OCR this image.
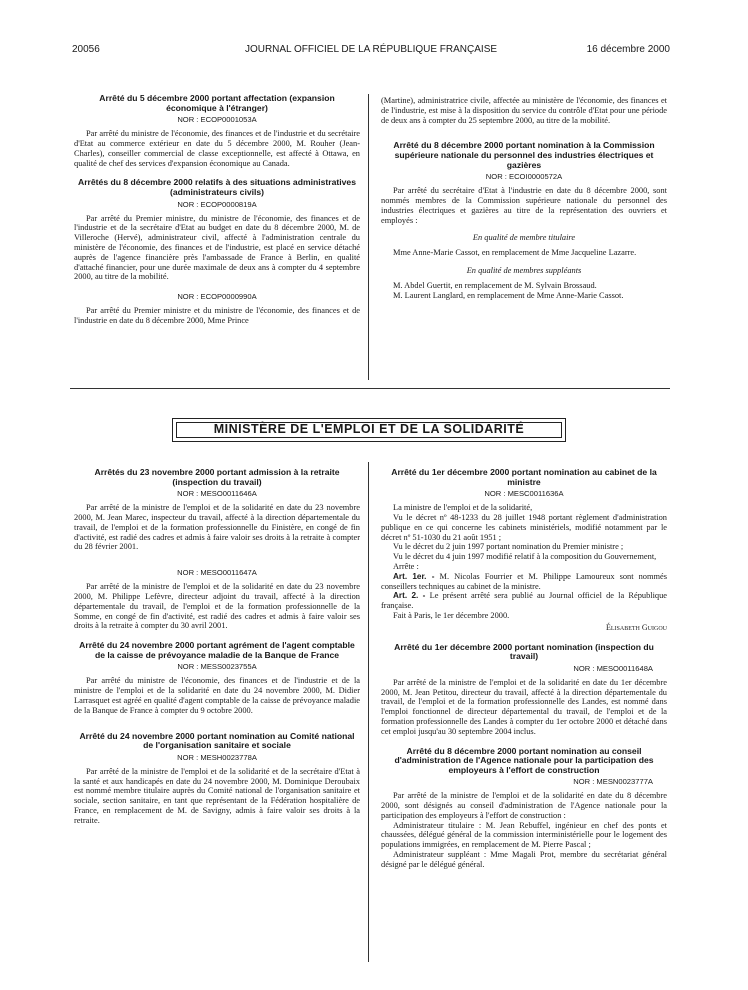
20056	JOURNAL OFFICIEL DE LA RÉPUBLIQUE FRANÇAISE	16 décembre 2000
Arrêté du 5 décembre 2000 portant affectation (expansion économique à l'étranger)
NOR : ECOP0001053A
Par arrêté du ministre de l'économie, des finances et de l'industrie et du secrétaire d'Etat au commerce extérieur en date du 5 décembre 2000, M. Rouher (Jean-Charles), conseiller commercial de classe exceptionnelle, est affecté à Ottawa, en qualité de chef des services d'expansion économique au Canada.
Arrêtés du 8 décembre 2000 relatifs à des situations administratives (administrateurs civils)
NOR : ECOP0000819A
Par arrêté du Premier ministre, du ministre de l'économie, des finances et de l'industrie et de la secrétaire d'Etat au budget en date du 8 décembre 2000, M. de Villeroche (Hervé), administrateur civil, affecté à l'administration centrale du ministère de l'économie, des finances et de l'industrie, est placé en service détaché auprès de l'agence financière près l'ambassade de France à Berlin, en qualité d'attaché financier, pour une durée maximale de deux ans à compter du 4 septembre 2000, au titre de la mobilité.
NOR : ECOP0000990A
Par arrêté du Premier ministre et du ministre de l'économie, des finances et de l'industrie en date du 8 décembre 2000, Mme Prince
(Martine), administratrice civile, affectée au ministère de l'économie, des finances et de l'industrie, est mise à la disposition du service du contrôle d'Etat pour une période de deux ans à compter du 25 septembre 2000, au titre de la mobilité.
Arrêté du 8 décembre 2000 portant nomination à la Commission supérieure nationale du personnel des industries électriques et gazières
NOR : ECOI0000572A
Par arrêté du secrétaire d'Etat à l'industrie en date du 8 décembre 2000, sont nommés membres de la Commission supérieure nationale du personnel des industries électriques et gazières au titre de la représentation des ouvriers et employés :
En qualité de membre titulaire
Mme Anne-Marie Cassot, en remplacement de Mme Jacqueline Lazarre.
En qualité de membres suppléants
M. Abdel Guertit, en remplacement de M. Sylvain Brossaud.
M. Laurent Langlard, en remplacement de Mme Anne-Marie Cassot.
MINISTÈRE DE L'EMPLOI ET DE LA SOLIDARITÉ
Arrêtés du 23 novembre 2000 portant admission à la retraite (inspection du travail)
NOR : MESO0011646A
Par arrêté de la ministre de l'emploi et de la solidarité en date du 23 novembre 2000, M. Jean Marec, inspecteur du travail, affecté à la direction départementale du travail, de l'emploi et de la formation professionnelle du Finistère, en congé de fin d'activité, est radié des cadres et admis à faire valoir ses droits à la retraite à compter du 28 février 2001.
NOR : MESO0011647A
Par arrêté de la ministre de l'emploi et de la solidarité en date du 23 novembre 2000, M. Philippe Lefèvre, directeur adjoint du travail, affecté à la direction départementale du travail, de l'emploi et de la formation professionnelle de la Somme, en congé de fin d'activité, est radié des cadres et admis à faire valoir ses droits à la retraite à compter du 30 avril 2001.
Arrêté du 24 novembre 2000 portant agrément de l'agent comptable de la caisse de prévoyance maladie de la Banque de France
NOR : MESS0023755A
Par arrêté du ministre de l'économie, des finances et de l'industrie et de la ministre de l'emploi et de la solidarité en date du 24 novembre 2000, M. Didier Larrasquet est agréé en qualité d'agent comptable de la caisse de prévoyance maladie de la Banque de France à compter du 9 octobre 2000.
Arrêté du 24 novembre 2000 portant nomination au Comité national de l'organisation sanitaire et sociale
NOR : MESH0023778A
Par arrêté de la ministre de l'emploi et de la solidarité et de la secrétaire d'Etat à la santé et aux handicapés en date du 24 novembre 2000, M. Dominique Deroubaix est nommé membre titulaire auprès du Comité national de l'organisation sanitaire et sociale, section sanitaire, en tant que représentant de la Fédération hospitalière de France, en remplacement de M. de Savigny, admis à faire valoir ses droits à la retraite.
Arrêté du 1er décembre 2000 portant nomination au cabinet de la ministre
NOR : MESC0011636A
La ministre de l'emploi et de la solidarité,
Vu le décret nº 48-1233 du 28 juillet 1948 portant règlement d'administration publique en ce qui concerne les cabinets ministériels, modifié notamment par le décret nº 51-1030 du 21 août 1951 ;
Vu le décret du 2 juin 1997 portant nomination du Premier ministre ;
Vu le décret du 4 juin 1997 modifié relatif à la composition du Gouvernement,
Arrête :
Art. 1er. - M. Nicolas Fourrier et M. Philippe Lamoureux sont nommés conseillers techniques au cabinet de la ministre.
Art. 2. - Le présent arrêté sera publié au Journal officiel de la République française.
Fait à Paris, le 1er décembre 2000.
Élisabeth Guigou
Arrêté du 1er décembre 2000 portant nomination (inspection du travail)
NOR : MESO0011648A
Par arrêté de la ministre de l'emploi et de la solidarité en date du 1er décembre 2000, M. Jean Petitou, directeur du travail, affecté à la direction départementale du travail, de l'emploi et de la formation professionnelle des Landes, est nommé dans l'emploi fonctionnel de directeur départemental du travail, de l'emploi et de la formation professionnelle des Landes à compter du 1er octobre 2000 et détaché dans cet emploi jusqu'au 30 septembre 2004 inclus.
Arrêté du 8 décembre 2000 portant nomination au conseil d'administration de l'Agence nationale pour la participation des employeurs à l'effort de construction
NOR : MESN0023777A
Par arrêté de la ministre de l'emploi et de la solidarité en date du 8 décembre 2000, sont désignés au conseil d'administration de l'Agence nationale pour la participation des employeurs à l'effort de construction :
Administrateur titulaire : M. Jean Rebuffel, ingénieur en chef des ponts et chaussées, délégué général de la commission interministérielle pour le logement des populations immigrées, en remplacement de M. Pierre Pascal ;
Administrateur suppléant : Mme Magali Prot, membre du secrétariat général désigné par le délégué général.
